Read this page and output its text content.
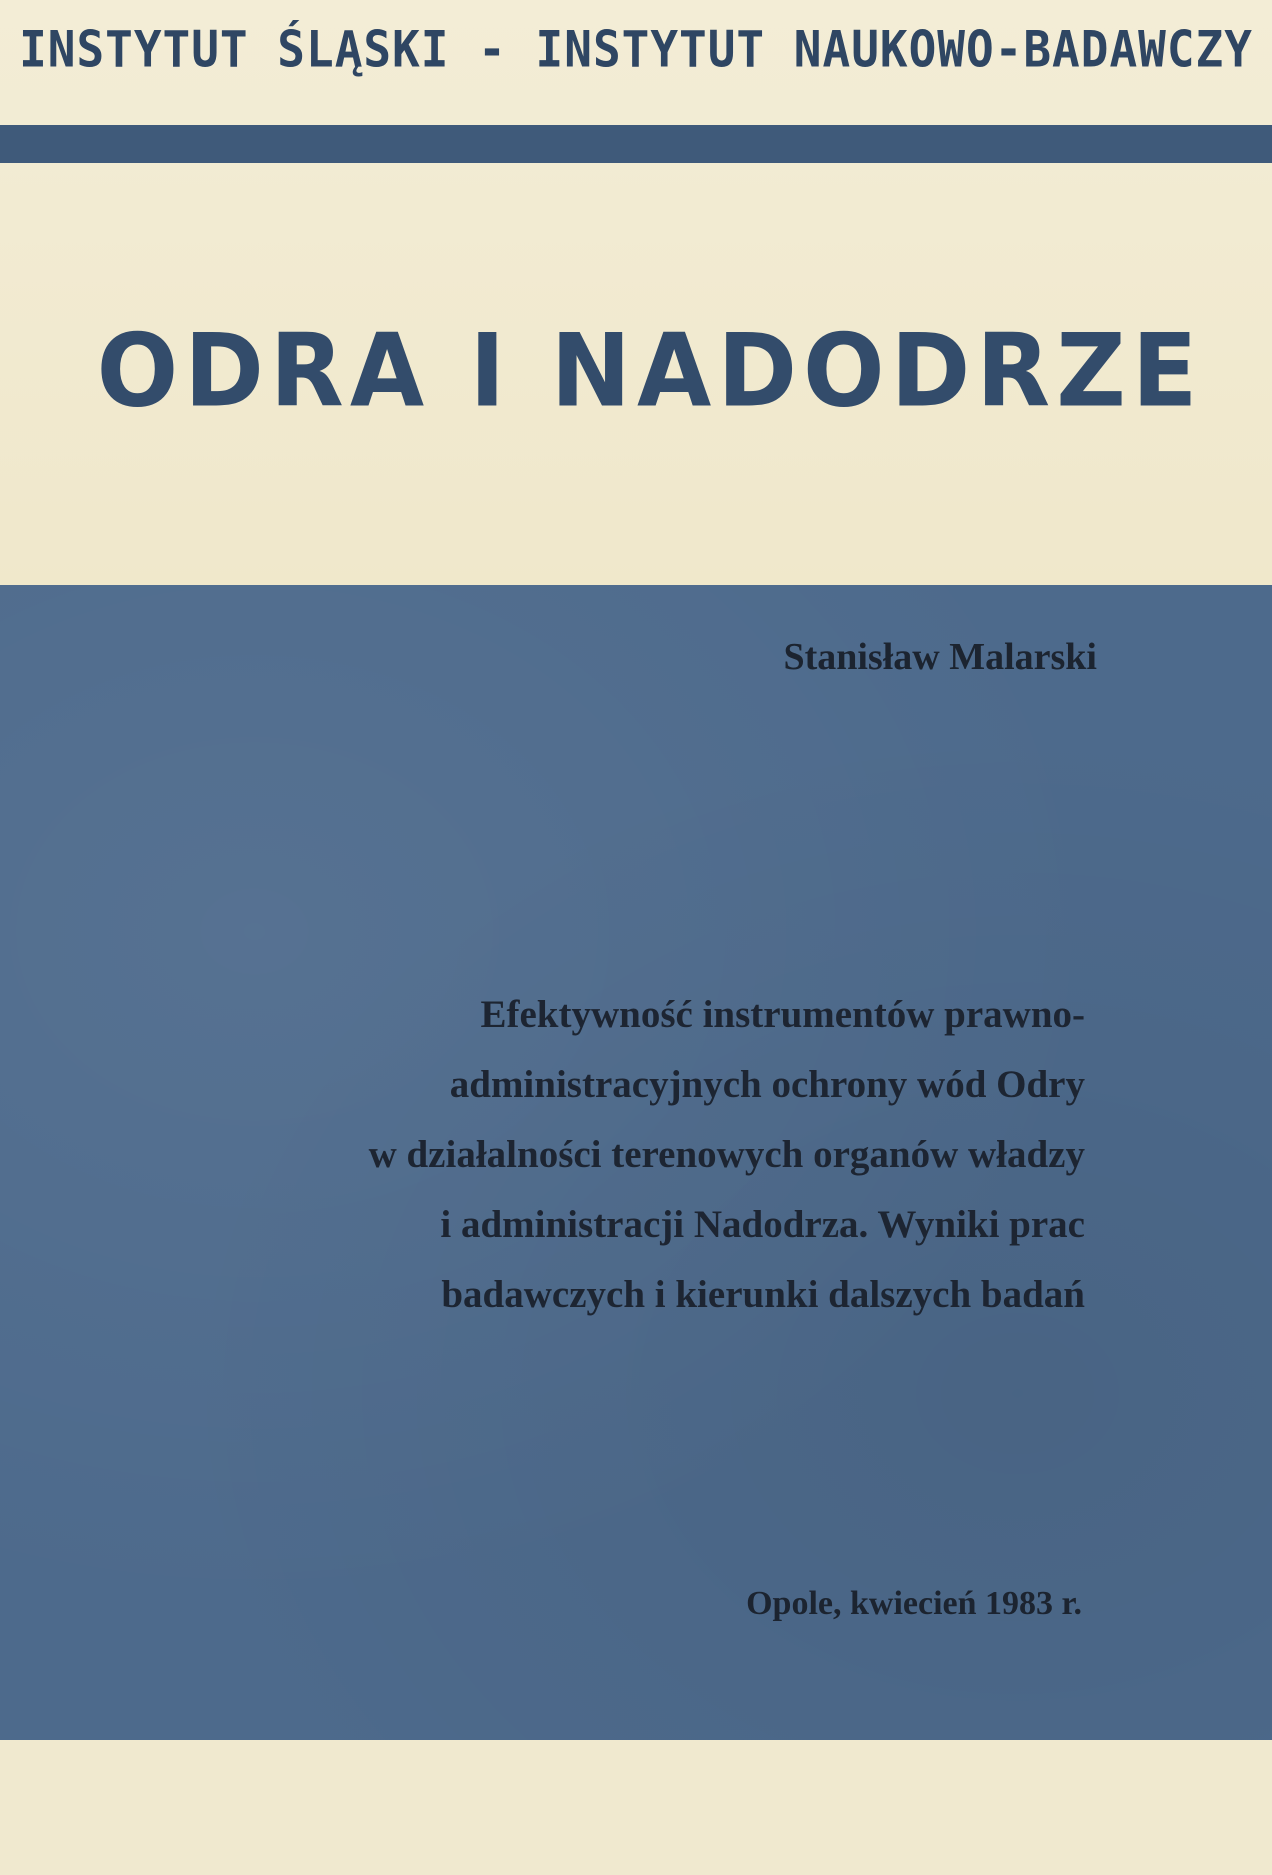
INSTYTUT ŚLĄSKI - INSTYTUT NAUKOWO-BADAWCZY
ODRA I NADODRZE
Stanisław Malarski
Efektywność instrumentów prawno-
administracyjnych ochrony wód Odry
w działalności terenowych organów władzy
i administracji Nadodrza. Wyniki prac
badawczych i kierunki dalszych badań
Opole, kwiecień 1983 r.
